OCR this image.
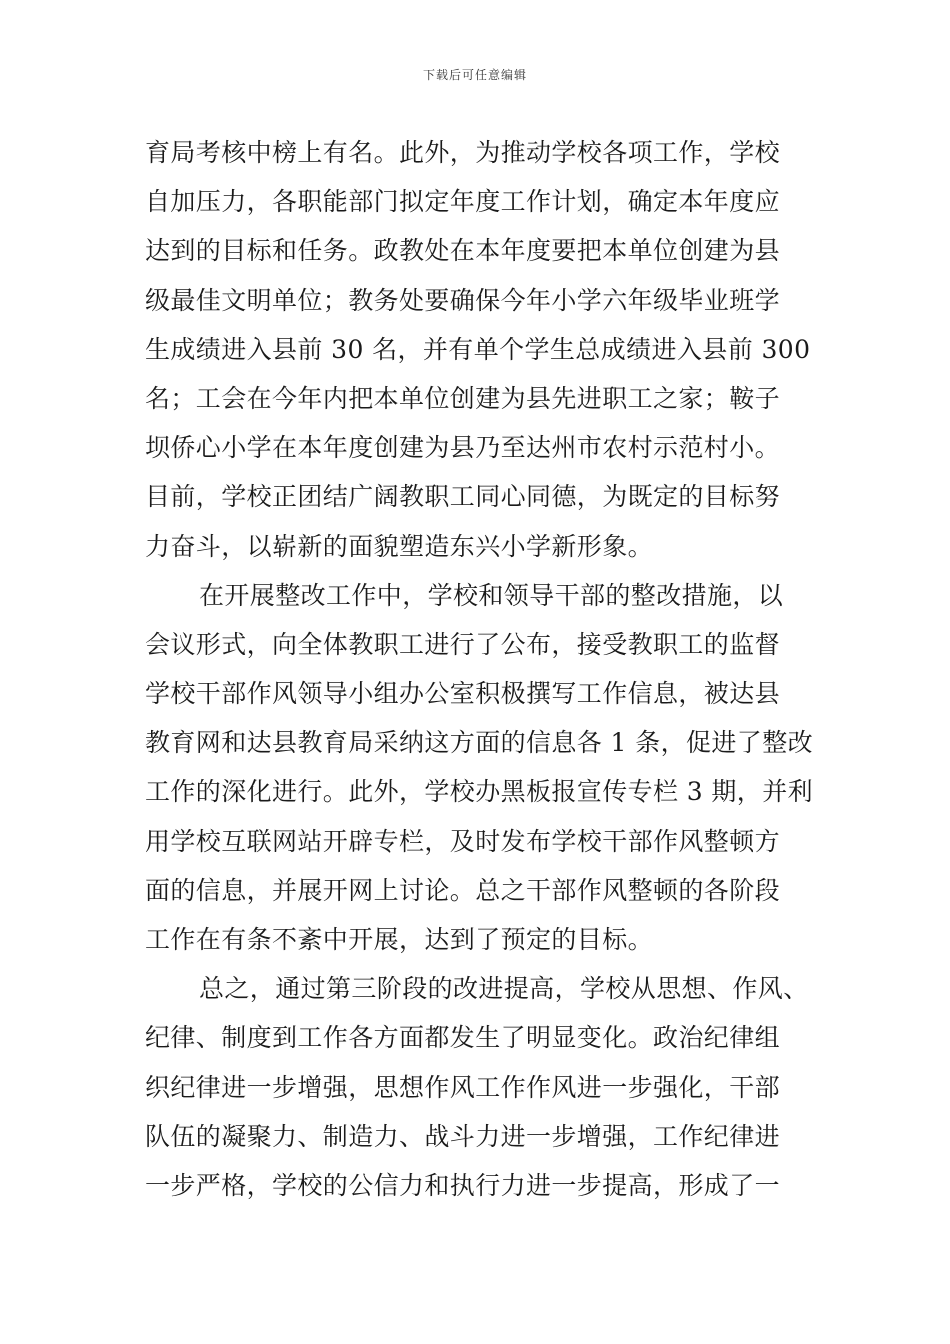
下载后可任意编辑
育局考核中榜上有名。此外，为推动学校各项工作，学校
自加压力，各职能部门拟定年度工作计划，确定本年度应
达到的目标和任务。政教处在本年度要把本单位创建为县
级最佳文明单位；教务处要确保今年小学六年级毕业班学
生成绩进入县前 30 名，并有单个学生总成绩进入县前 300
名；工会在今年内把本单位创建为县先进职工之家；鞍子
坝侨心小学在本年度创建为县乃至达州市农村示范村小。
目前，学校正团结广阔教职工同心同德，为既定的目标努
力奋斗，以崭新的面貌塑造东兴小学新形象。
在开展整改工作中，学校和领导干部的整改措施，以
会议形式，向全体教职工进行了公布，接受教职工的监督
学校干部作风领导小组办公室积极撰写工作信息，被达县
教育网和达县教育局采纳这方面的信息各 1 条，促进了整改
工作的深化进行。此外，学校办黑板报宣传专栏 3 期，并利
用学校互联网站开辟专栏，及时发布学校干部作风整顿方
面的信息，并展开网上讨论。总之干部作风整顿的各阶段
工作在有条不紊中开展，达到了预定的目标。
总之，通过第三阶段的改进提高，学校从思想、作风、
纪律、制度到工作各方面都发生了明显变化。政治纪律组
织纪律进一步增强，思想作风工作作风进一步强化，干部
队伍的凝聚力、制造力、战斗力进一步增强，工作纪律进
一步严格，学校的公信力和执行力进一步提高，形成了一
